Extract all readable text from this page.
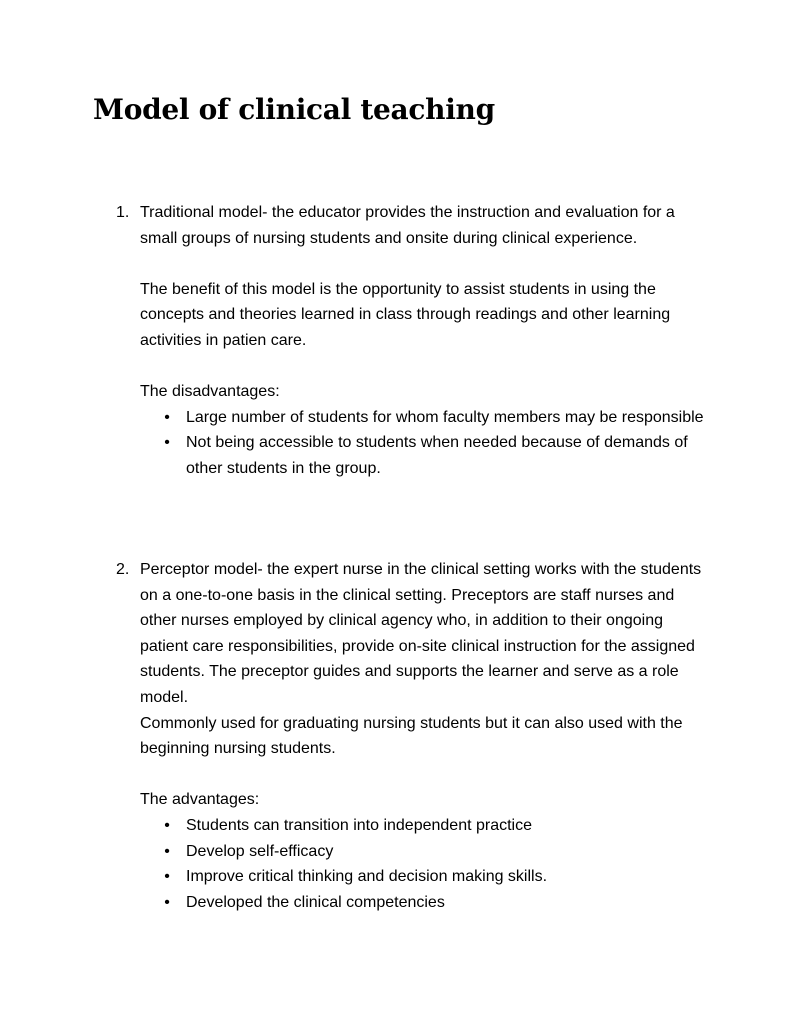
Model of clinical teaching
1. Traditional model- the educator provides the instruction and evaluation for a small groups of nursing students and onsite during clinical experience.

The benefit of this model is the opportunity to assist students in using the concepts and theories learned in class through readings and other learning activities in patien care.

The disadvantages:

• Large number of students for whom faculty members may be responsible
• Not being accessible to students when needed because of demands of other students in the group.
2. Perceptor model- the expert nurse in the clinical setting works with the students on a one-to-one basis in the clinical setting. Preceptors are staff nurses and other nurses employed by clinical agency who, in addition to their ongoing patient care responsibilities, provide on-site clinical instruction for the assigned students. The preceptor guides and supports the learner and serve as a role model.

Commonly used for graduating nursing students but it can also used with the beginning nursing students.

The advantages:

• Students can transition into independent practice
• Develop self-efficacy
• Improve critical thinking and decision making skills.
• Developed the clinical competencies
